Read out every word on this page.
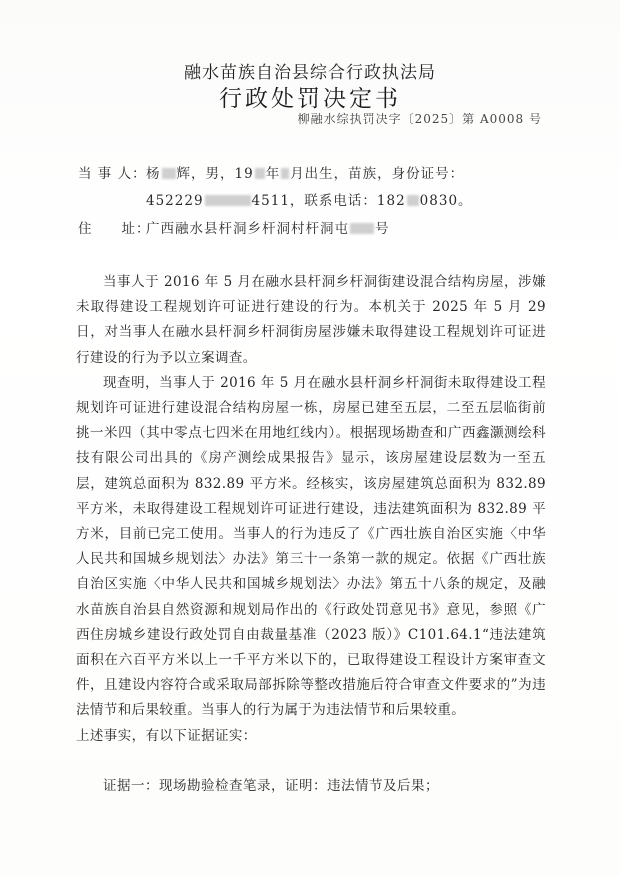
融水苗族自治县综合行政执法局
行政处罚决定书
柳融水综执罚决字〔2025〕第 A0008 号
当 事 人：杨 辉，男，19 年 月出生，苗族，身份证号：
452229	4511，联系电话：182 0830。
住　　址：广西融水县杆洞乡杆洞村杆洞屯 号

当事人于 2016 年 5 月在融水县杆洞乡杆洞街建设混合结构房屋，涉嫌未取得建设工程规划许可证进行建设的行为。本机关于 2025 年 5 月 29 日，对当事人在融水县杆洞乡杆洞街房屋涉嫌未取得建设工程规划许可证进行建设的行为予以立案调查。

现查明，当事人于 2016 年 5 月在融水县杆洞乡杆洞街未取得建设工程规划许可证进行建设混合结构房屋一栋，房屋已建至五层，二至五层临街前挑一米四（其中零点七四米在用地红线内）。根据现场勘查和广西鑫灏测绘科技有限公司出具的《房产测绘成果报告》显示，该房屋建设层数为一至五层，建筑总面积为 832.89 平方米。经核实，该房屋建筑总面积为 832.89 平方米，未取得建设工程规划许可证进行建设，违法建筑面积为 832.89 平方米，目前已完工使用。当事人的行为违反了《广西壮族自治区实施〈中华人民共和国城乡规划法〉办法》第三十一条第一款的规定。依据《广西壮族自治区实施〈中华人民共和国城乡规划法〉办法》第五十八条的规定，及融水苗族自治县自然资源和规划局作出的《行政处罚意见书》意见，参照《广西住房城乡建设行政处罚自由裁量基准（2023 版）》C101.64.1“违法建筑面积在六百平方米以上一千平方米以下的，已取得建设工程设计方案审查文件，且建设内容符合或采取局部拆除等整改措施后符合审查文件要求的”为违法情节和后果较重。当事人的行为属于为违法情节和后果较重。

上述事实，有以下证据证实：

证据一：现场勘验检查笔录，证明：违法情节及后果；
